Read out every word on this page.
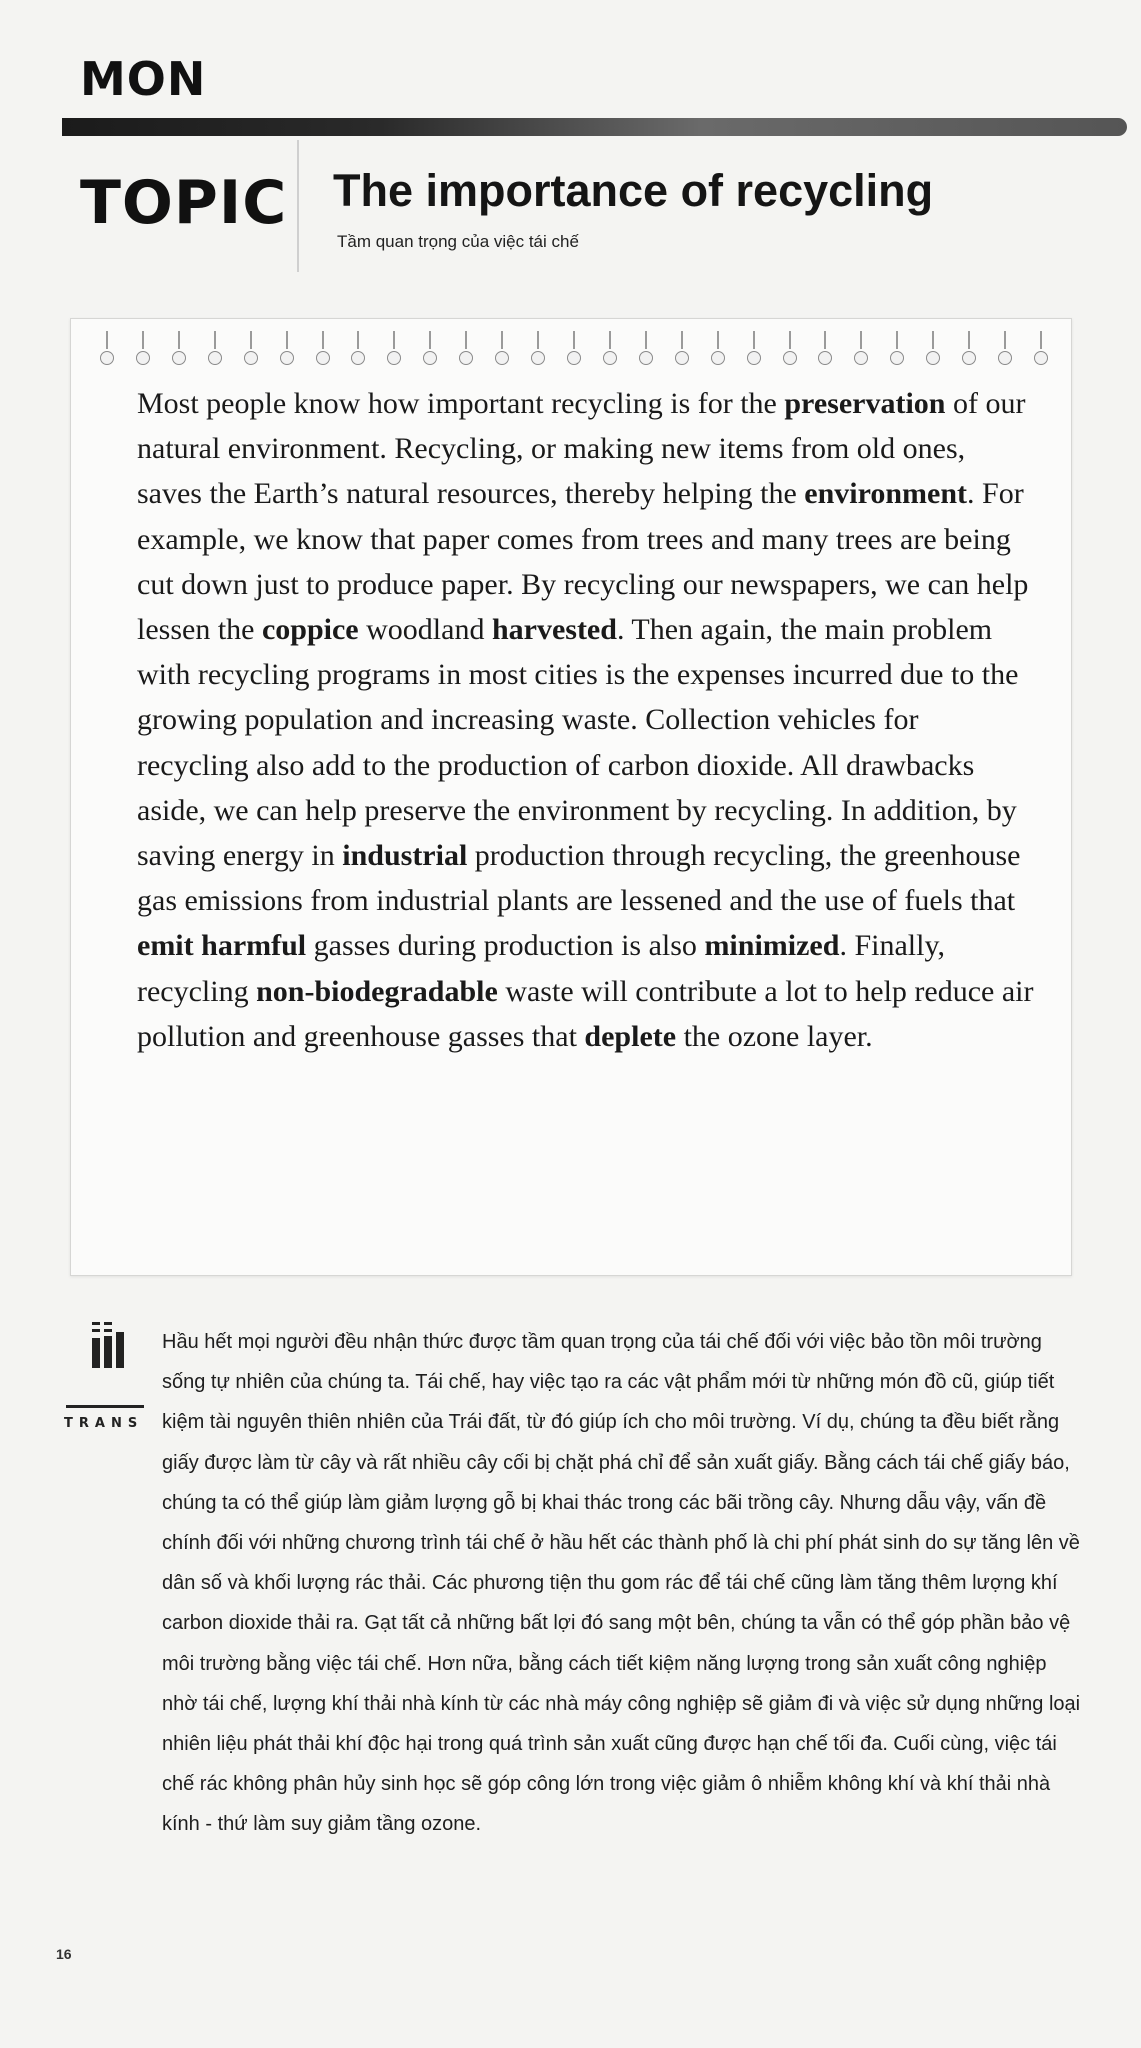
MON
TOPIC The importance of recycling
Tầm quan trọng của việc tái chế

Most people know how important recycling is for the preservation of our natural environment. Recycling, or making new items from old ones, saves the Earth’s natural resources, thereby helping the environment. For example, we know that paper comes from trees and many trees are being cut down just to produce paper. By recycling our newspapers, we can help lessen the coppice woodland harvested. Then again, the main problem with recycling programs in most cities is the expenses incurred due to the growing population and increasing waste. Collection vehicles for recycling also add to the production of carbon dioxide. All drawbacks aside, we can help preserve the environment by recycling. In addition, by saving energy in industrial production through recycling, the greenhouse gas emissions from industrial plants are lessened and the use of fuels that emit harmful gasses during production is also minimized. Finally, recycling non-biodegradable waste will contribute a lot to help reduce air pollution and greenhouse gasses that deplete the ozone layer.

TRANS

Hầu hết mọi người đều nhận thức được tầm quan trọng của tái chế đối với việc bảo tồn môi trường sống tự nhiên của chúng ta. Tái chế, hay việc tạo ra các vật phẩm mới từ những món đồ cũ, giúp tiết kiệm tài nguyên thiên nhiên của Trái đất, từ đó giúp ích cho môi trường. Ví dụ, chúng ta đều biết rằng giấy được làm từ cây và rất nhiều cây cối bị chặt phá chỉ để sản xuất giấy. Bằng cách tái chế giấy báo, chúng ta có thể giúp làm giảm lượng gỗ bị khai thác trong các bãi trồng cây. Nhưng dẫu vậy, vấn đề chính đối với những chương trình tái chế ở hầu hết các thành phố là chi phí phát sinh do sự tăng lên về dân số và khối lượng rác thải. Các phương tiện thu gom rác để tái chế cũng làm tăng thêm lượng khí carbon dioxide thải ra. Gạt tất cả những bất lợi đó sang một bên, chúng ta vẫn có thể góp phần bảo vệ môi trường bằng việc tái chế. Hơn nữa, bằng cách tiết kiệm năng lượng trong sản xuất công nghiệp nhờ tái chế, lượng khí thải nhà kính từ các nhà máy công nghiệp sẽ giảm đi và việc sử dụng những loại nhiên liệu phát thải khí độc hại trong quá trình sản xuất cũng được hạn chế tối đa. Cuối cùng, việc tái chế rác không phân hủy sinh học sẽ góp công lớn trong việc giảm ô nhiễm không khí và khí thải nhà kính - thứ làm suy giảm tầng ozone.

16
